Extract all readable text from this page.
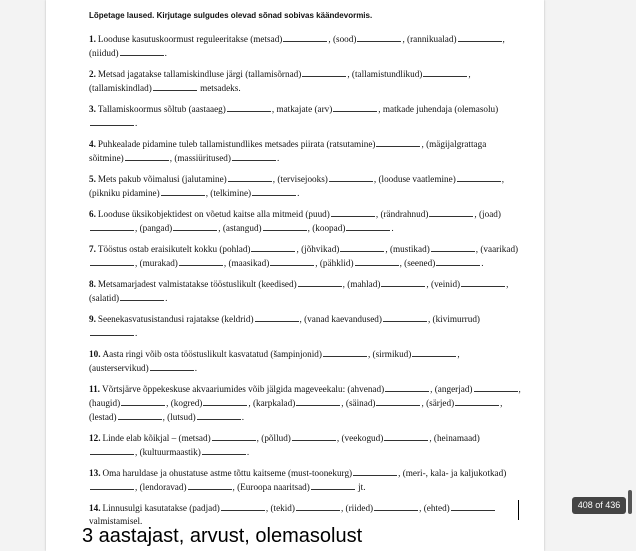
Lõpetage laused. Kirjutage sulgudes olevad sõnad sobivas käändevormis.

1. Looduse kasutuskoormust reguleeritakse (metsad)	, (sood)	, (rannikualad)	, (niidud)	.

2. Metsad jagatakse tallamiskindluse järgi (tallamisõrnad)	, (tallamistundlikud)	, (tallamiskindlad)	metsadeks.

3. Tallamiskoormus sõltub (aastaaeg)	, matkajate (arv)	, matkade juhendaja (olemasolu).

4. Puhkealade pidamine tuleb tallamistundlikes metsades piirata (ratsutamine)	, (mägijalgrattaga sõitmine)	, (massiüritused)	.

5. Mets pakub võimalusi (jalutamine)	, (tervisejooks)	, (looduse vaatlemine)	, (pikniku pidamine)	, (telkimine)	.

6. Looduse üksikobjektidest on võetud kaitse alla mitmeid (puud)	, (rändrahnud)	, (joad), (pangad)	, (astangud)	, (koopad)	.

7. Tööstus ostab eraisikutelt kokku (pohlad)	, (jõhvikad)	, (mustikad)	, (vaarikad), (murakad)	, (maasikad)	, (pähklid)	, (seened)	.

8. Metsamarjadest valmistatakse tööstuslikult (keedised)	, (mahlad)	, (veinid)	, (salatid)	.

9. Seenekasvatusistandusi rajatakse (keldrid)	, (vanad kaevandused)	, (kivimurrud).

10. Aasta ringi võib osta tööstuslikult kasvatatud (šampinjonid)	, (sirmikud)	, (austerservikud)	.

11. Võrtsjärve õppekeskuse akvaariumides võib jälgida mageveekalu: (ahvenad)	, (angerjad)	, (haugid)	, (kogred)	, (karpkalad)	, (säinad)	, (särjed)	, (lestad)	, (lutsud)	.

12. Linde elab kõikjal – (metsad)	, (põllud)	, (veekogud)	, (heinamaad), (kultuurmaastik)	.

13. Oma haruldase ja ohustatuse astme tõttu kaitseme (must-toonekurg)	, (meri-, kala- ja kaljukotkad), (lendoravad)	, (Euroopa naaritsad)	jt.

14. Linnusulgi kasutatakse (padjad)	, (tekid)	, (riided)	, (ehted) valmistamisel.

3 aastajast, arvust, olemasolust
408 of 436
